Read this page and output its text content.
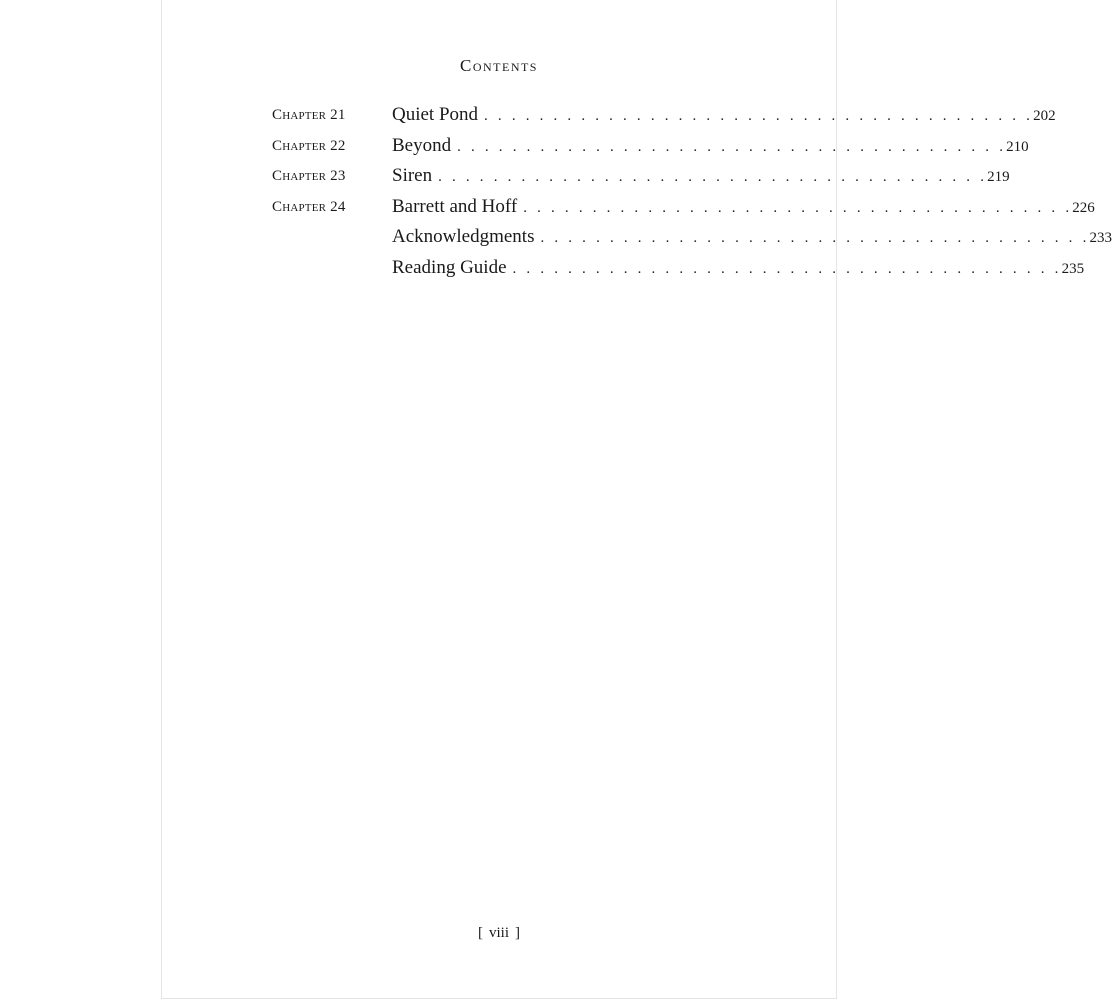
Contents
Chapter 21 Quiet Pond . . . . . . . . . . . . . . . . . . . . . . . . . . . . . . . . . . . . . . . . 202
Chapter 22 Beyond . . . . . . . . . . . . . . . . . . . . . . . . . . . . . . . . . . . . . . . . 210
Chapter 23 Siren . . . . . . . . . . . . . . . . . . . . . . . . . . . . . . . . . . . . . . . . 219
Chapter 24 Barrett and Hoff . . . . . . . . . . . . . . . . . . . . . . . . . . . . . . . . . . . . . . . . 226
Acknowledgments . . . . . . . . . . . . . . . . . . . . . . . . . . . . . . . . . . . . . . . . 233
Reading Guide . . . . . . . . . . . . . . . . . . . . . . . . . . . . . . . . . . . . . . . . 235
[ viii ]
